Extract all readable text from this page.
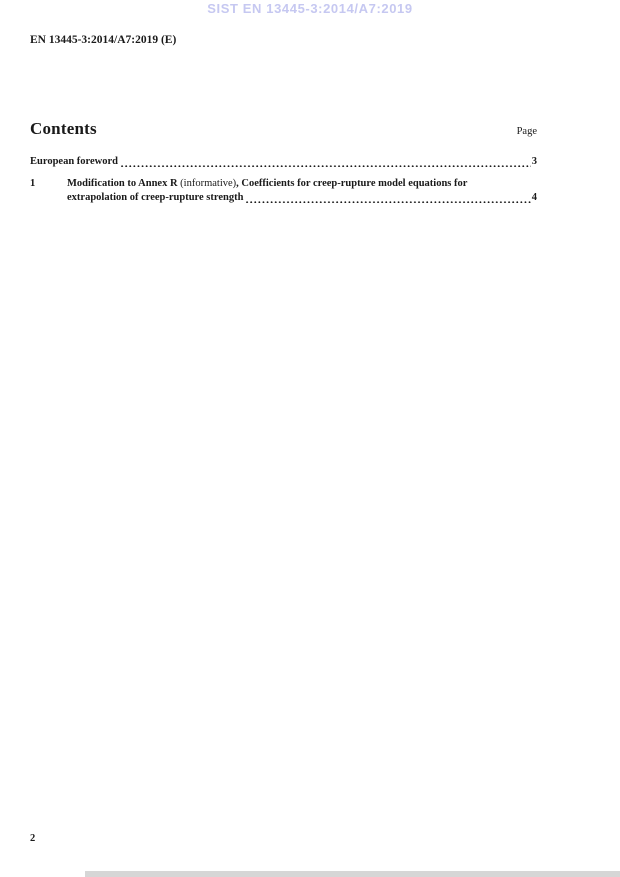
SIST EN 13445-3:2014/A7:2019
EN 13445-3:2014/A7:2019 (E)
Contents	Page
European foreword	3
1	Modification to Annex R (informative), Coefficients for creep-rupture model equations for
extrapolation of creep-rupture strength	4
2
